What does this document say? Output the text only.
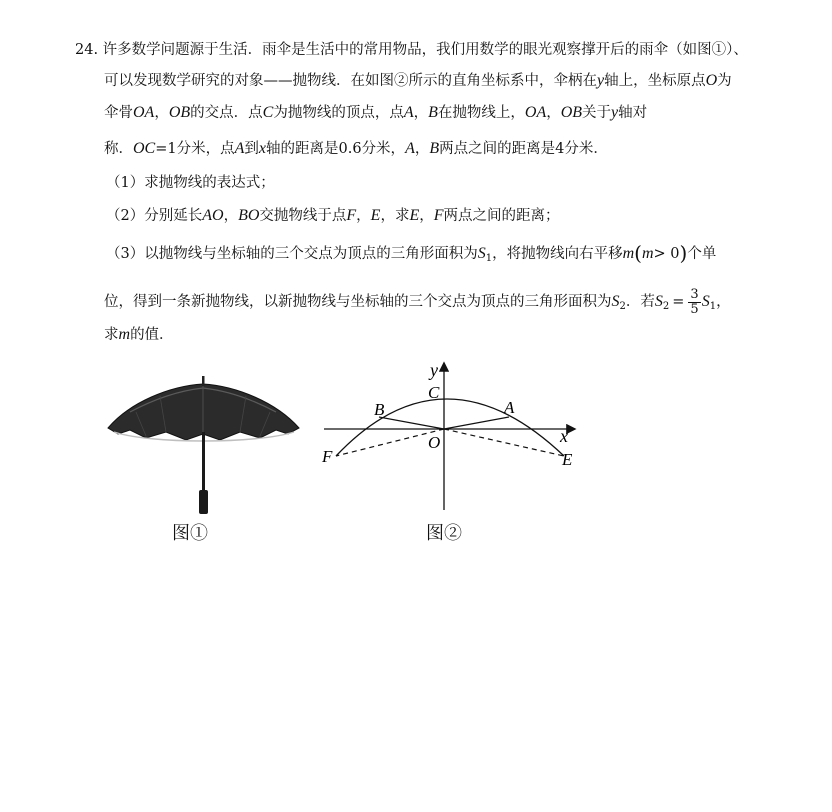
24. 许多数学问题源于生活．雨伞是生活中的常用物品，我们用数学的眼光观察撑开后的雨伞（如图①）、
可以发现数学研究的对象——抛物线．在如图②所示的直角坐标系中，伞柄在y轴上，坐标原点O为
伞骨OA，OB的交点．点C为抛物线的顶点，点A，B在抛物线上，OA，OB关于y轴对
称．OC=1分米，点A到x轴的距离是0.6分米，A，B两点之间的距离是4分米．
（1）求抛物线的表达式；
（2）分别延长AO，BO交抛物线于点F，E，求E，F两点之间的距离；
（3）以抛物线与坐标轴的三个交点为顶点的三角形面积为$S_1$，将抛物线向右平移m(m> 0)个单
位，得到一条新抛物线，以新抛物线与坐标轴的三个交点为顶点的三角形面积为$S_2$．若$S_2 = \frac{3}{5} S_1$，
求m的值．
图①
y
C
B	A
O	x
F	E
图②
